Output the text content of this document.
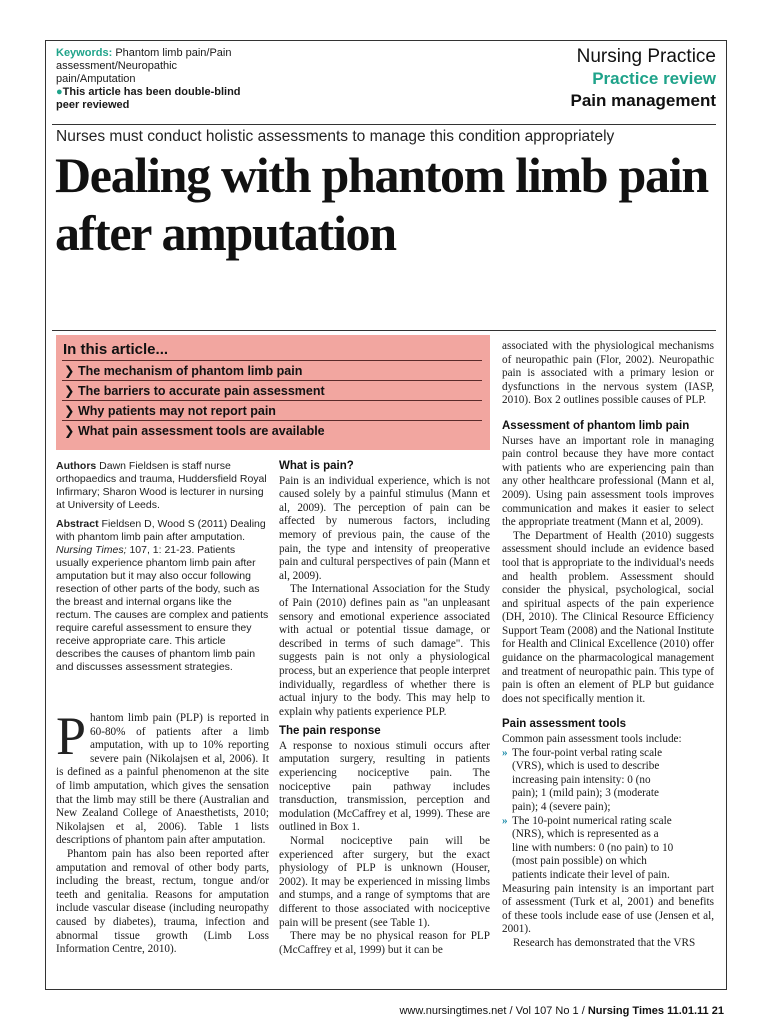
Keywords: Phantom limb pain/Pain assessment/Neuropathic pain/Amputation
●This article has been double-blind peer reviewed
Nursing Practice
Practice review
Pain management
Nurses must conduct holistic assessments to manage this condition appropriately
Dealing with phantom limb pain after amputation
In this article...
❯ The mechanism of phantom limb pain
❯ The barriers to accurate pain assessment
❯ Why patients may not report pain
❯ What pain assessment tools are available

Authors Dawn Fieldsen is staff nurse orthopaedics and trauma, Huddersfield Royal Infirmary; Sharon Wood is lecturer in nursing at University of Leeds.

Abstract Fieldsen D, Wood S (2011) Dealing with phantom limb pain after amputation. Nursing Times; 107, 1: 21-23. Patients usually experience phantom limb pain after amputation but it may also occur following resection of other parts of the body, such as the breast and internal organs like the rectum. The causes are complex and patients require careful assessment to ensure they receive appropriate care. This article describes the causes of phantom limb pain and discusses assessment strategies.

Phantom limb pain (PLP) is reported in 60-80% of patients after a limb amputation, with up to 10% reporting severe pain (Nikolajsen et al, 2006). It is defined as a painful phenomenon at the site of limb amputation, which gives the sensation that the limb may still be there (Australian and New Zealand College of Anaesthetists, 2010; Nikolajsen et al, 2006). Table 1 lists descriptions of phantom pain after amputation.

Phantom pain has also been reported after amputation and removal of other body parts, including the breast, rectum, tongue and/or teeth and genitalia. Reasons for amputation include vascular disease (including neuropathy caused by diabetes), trauma, infection and abnormal tissue growth (Limb Loss Information Centre, 2010).

What is pain?

Pain is an individual experience, which is not caused solely by a painful stimulus (Mann et al, 2009). The perception of pain can be affected by numerous factors, including memory of previous pain, the cause of the pain, the type and intensity of preoperative pain and cultural perspectives of pain (Mann et al, 2009).

The International Association for the Study of Pain (2010) defines pain as "an unpleasant sensory and emotional experience associated with actual or potential tissue damage, or described in terms of such damage". This suggests pain is not only a physiological process, but an experience that people interpret individually, regardless of whether there is actual injury to the body. This may help to explain why patients experience PLP.

The pain response

A response to noxious stimuli occurs after amputation surgery, resulting in patients experiencing nociceptive pain. The nociceptive pain pathway includes transduction, transmission, perception and modulation (McCaffrey et al, 1999). These are outlined in Box 1.

Normal nociceptive pain will be experienced after surgery, but the exact physiology of PLP is unknown (Houser, 2002). It may be experienced in missing limbs and stumps, and a range of symptoms that are different to those associated with nociceptive pain will be present (see Table 1).

There may be no physical reason for PLP (McCaffrey et al, 1999) but it can be

associated with the physiological mechanisms of neuropathic pain (Flor, 2002). Neuropathic pain is associated with a primary lesion or dysfunctions in the nervous system (IASP, 2010). Box 2 outlines possible causes of PLP.

Assessment of phantom limb pain

Nurses have an important role in managing pain control because they have more contact with patients who are experiencing pain than any other healthcare professional (Mann et al, 2009). Using pain assessment tools improves communication and makes it easier to select the appropriate treatment (Mann et al, 2009).

The Department of Health (2010) suggests assessment should include an evidence based tool that is appropriate to the individual's needs and health problem. Assessment should consider the physical, psychological, social and spiritual aspects of the pain experience (DH, 2010). The Clinical Resource Efficiency Support Team (2008) and the National Institute for Health and Clinical Excellence (2010) offer guidance on the pharmacological management and treatment of neuropathic pain. This type of pain is often an element of PLP but guidance does not specifically mention it.

Pain assessment tools

Common pain assessment tools include:

» The four-point verbal rating scale (VRS), which is used to describe increasing pain intensity: 0 (no pain); 1 (mild pain); 3 (moderate pain); 4 (severe pain);
» The 10-point numerical rating scale (NRS), which is represented as a line with numbers: 0 (no pain) to 10 (most pain possible) on which patients indicate their level of pain.

Measuring pain intensity is an important part of assessment (Turk et al, 2001) and benefits of these tools include ease of use (Jensen et al, 2001).

Research has demonstrated that the VRS

www.nursingtimes.net / Vol 107 No 1 / Nursing Times 11.01.11 21
